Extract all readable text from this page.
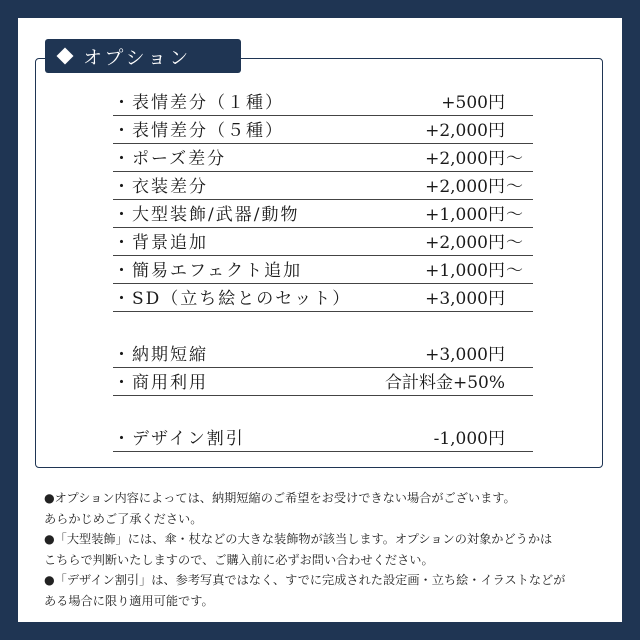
オプション
・表情差分（１種）	+500円
・表情差分（５種）	+2,000円
・ポーズ差分	+2,000円 〜
・衣装差分	+2,000円 〜
・大型装飾/武器/動物	+1,000円 〜
・背景追加	+2,000円 〜
・簡易エフェクト追加	+1,000円 〜
・SD（立ち絵とのセット）	+3,000円
・納期短縮	+3,000円
・商用利用	合計料金+50%
・デザイン割引	-1,000円
●オプション内容によっては、納期短縮のご希望をお受けできない場合がございます。
あらかじめご了承ください。
●「大型装飾」には、傘・杖などの大きな装飾物が該当します。オプションの対象かどうかは
こちらで判断いたしますので、ご購入前に必ずお問い合わせください。
●「デザイン割引」は、参考写真ではなく、すでに完成された設定画・立ち絵・イラストなどが
ある場合に限り適用可能です。
